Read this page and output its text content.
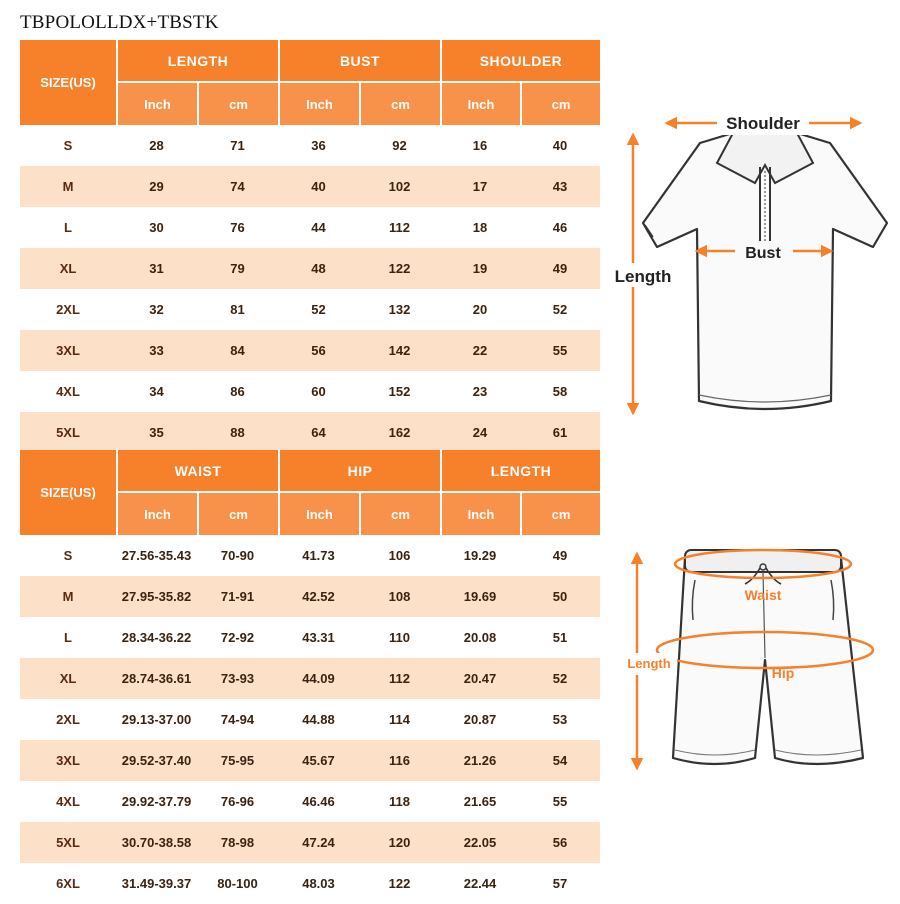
TBPOLOLLDX+TBSTK
SIZE(US)	LENGTH		BUST		SHOULDER	
	Inch	cm	Inch	cm	Inch	cm
S	28	71	36	92	16	40
M	29	74	40	102	17	43
L	30	76	44	112	18	46
XL	31	79	48	122	19	49
2XL	32	81	52	132	20	52
3XL	33	84	56	142	22	55
4XL	34	86	60	152	23	58
5XL	35	88	64	162	24	61
SIZE(US)	WAIST		HIP		LENGTH	
	Inch	cm	Inch	cm	Inch	cm
S	27.56-35.43	70-90	41.73	106	19.29	49
M	27.95-35.82	71-91	42.52	108	19.69	50
L	28.34-36.22	72-92	43.31	110	20.08	51
XL	28.74-36.61	73-93	44.09	112	20.47	52
2XL	29.13-37.00	74-94	44.88	114	20.87	53
3XL	29.52-37.40	75-95	45.67	116	21.26	54
4XL	29.92-37.79	76-96	46.46	118	21.65	55
5XL	30.70-38.58	78-98	47.24	120	22.05	56
6XL	31.49-39.37	80-100	48.03	122	22.44	57
Shoulder
Bust
Length
Waist
Hip
Length
